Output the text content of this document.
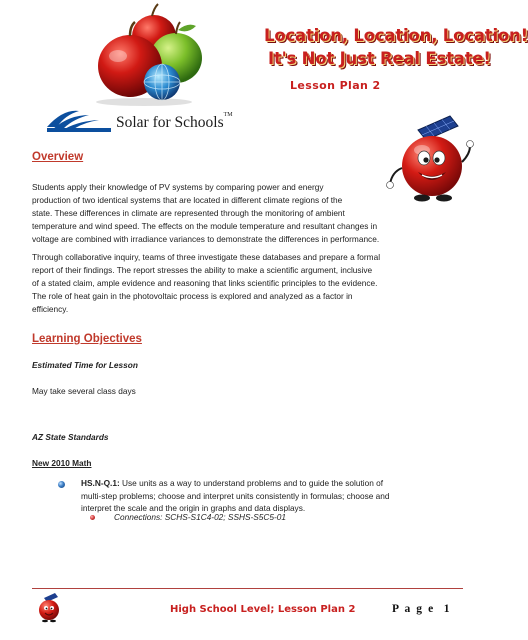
Location, Location, Location!
It's Not Just Real Estate!
Lesson Plan 2
Solar for Schools™
Overview
Students apply their knowledge of PV systems by comparing power and energy
production of two identical systems that are located in different climate regions of the
state. These differences in climate are represented through the monitoring of ambient
temperature and wind speed. The effects on the module temperature and resultant changes in
voltage are combined with irradiance variances to demonstrate the differences in performance.
Through collaborative inquiry, teams of three investigate these databases and prepare a formal
report of their findings. The report stresses the ability to make a scientific argument, inclusive
of a stated claim, ample evidence and reasoning that links scientific principles to the evidence.
The role of heat gain in the photovoltaic process is explored and analyzed as a factor in
efficiency.
Learning Objectives
Estimated Time for Lesson
May take several class days
AZ State Standards
New 2010 Math
HS.N-Q.1: Use units as a way to understand problems and to guide the solution of
multi-step problems; choose and interpret units consistently in formulas; choose and
interpret the scale and the origin in graphs and data displays.
Connections: SCHS-S1C4-02; SSHS-S5C5-01
High School Level; Lesson Plan 2	P a g e 1
